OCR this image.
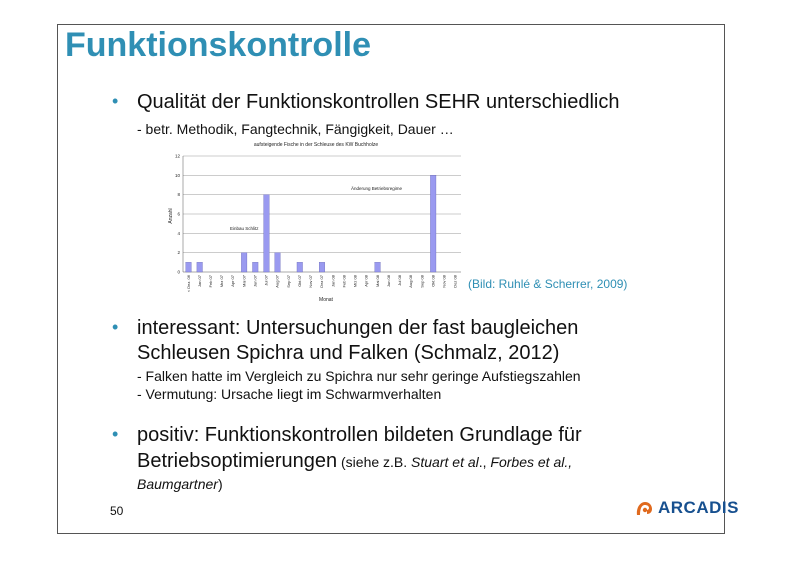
Funktionskontrolle
• Qualität der Funktionskontrollen SEHR unterschiedlich
- betr. Methodik, Fangtechnik, Fängigkeit, Dauer …
aufsteigende Fische in der Schleuse des KW Buchholze
Anzahl
Monat
0
2
4
6
8
10
12
< Dez. 06 Jan 07 Feb 07 Mrz 07 Apr 07 Mai 07 Jun 07 Jul 07 Aug 07 Sep 07 Okt 07 Nov 07 Dez 07 Jan 08 Feb 08 Mrz 08 Apr 08 Mai 08 Jun 08 Jul 08 Aug 08 Sep 08 Okt 08 Nov 08 Dez 08
Einbau Schlitz
Änderung Betriebsregime
(Bild: Ruhlé & Scherrer, 2009)
• interessant: Untersuchungen der fast baugleichen
Schleusen Spichra und Falken (Schmalz, 2012)
- Falken hatte im Vergleich zu Spichra nur sehr geringe Aufstiegszahlen
- Vermutung: Ursache liegt im Schwarmverhalten
• positiv: Funktionskontrollen bildeten Grundlage für
Betriebsoptimierungen (siehe z.B. Stuart et al., Forbes et al.,
Baumgartner)
50	ARCADIS
